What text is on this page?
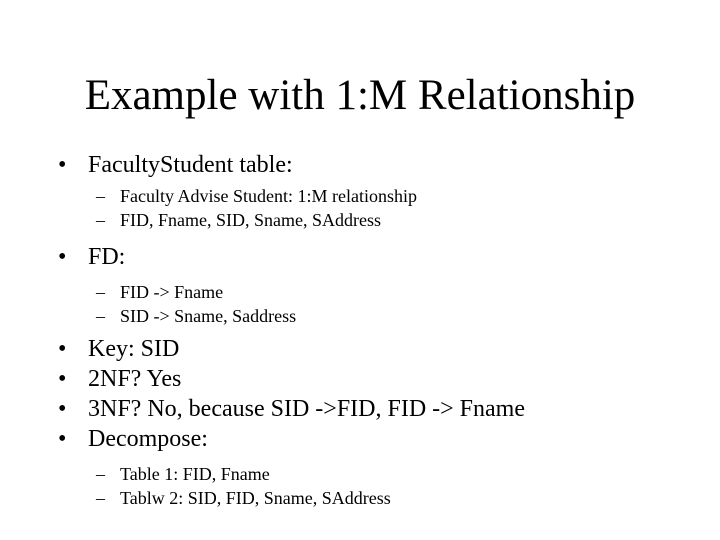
Example with 1:M Relationship
• FacultyStudent table:
– Faculty Advise Student: 1:M relationship
– FID, Fname, SID, Sname, SAddress
• FD:
– FID -> Fname
– SID -> Sname, Saddress
• Key: SID
• 2NF? Yes
• 3NF? No, because SID ->FID, FID -> Fname
• Decompose:
– Table 1: FID, Fname
– Tablw 2: SID, FID, Sname, SAddress
